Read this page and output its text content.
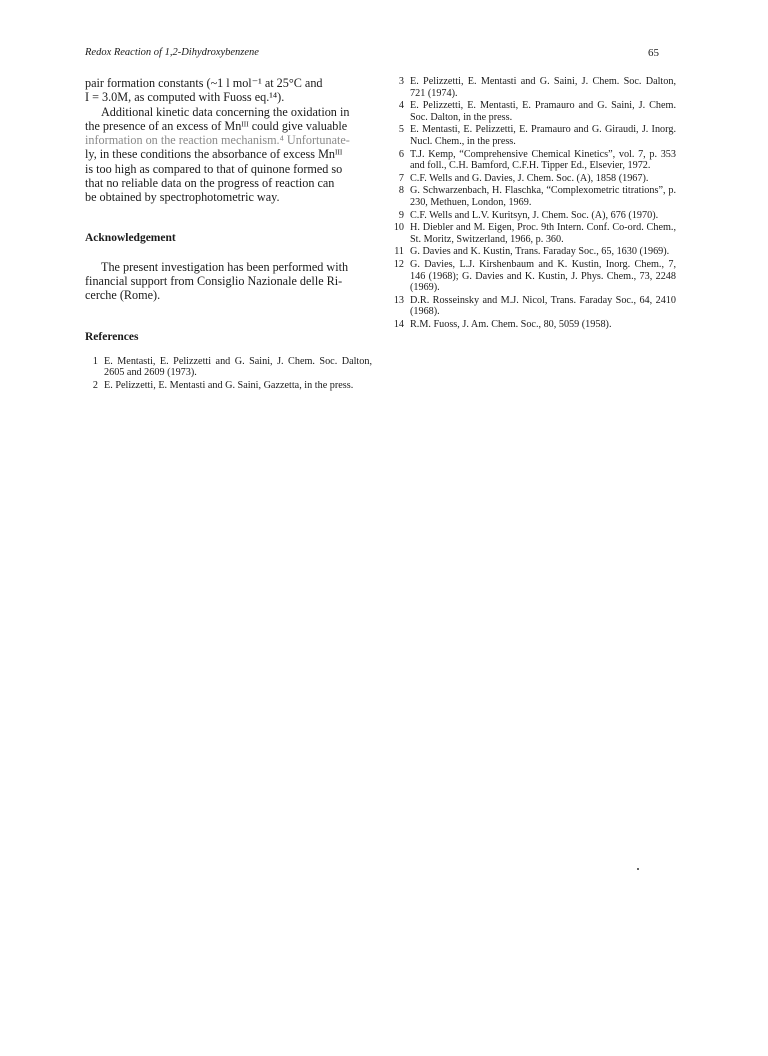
Redox Reaction of 1,2-Dihydroxybenzene	65

pair formation constants (~1 l mol⁻¹ at 25°C and
I = 3.0M, as computed with Fuoss eq.¹⁴).

Additional kinetic data concerning the oxidation in
the presence of an excess of Mnᴵᴵᴵ could give valuable
information on the reaction mechanism.⁴ Unfortunate-
ly, in these conditions the absorbance of excess Mnᴵᴵᴵ
is too high as compared to that of quinone formed so
that no reliable data on the progress of reaction can
be obtained by spectrophotometric way.

Acknowledgement

The present investigation has been performed with
financial support from Consiglio Nazionale delle Ri-
cerche (Rome).

References
1 E. Mentasti, E. Pelizzetti and G. Saini, J. Chem. Soc. Dalton, 2605 and 2609 (1973).
2 E. Pelizzetti, E. Mentasti and G. Saini, Gazzetta, in the press.
3 E. Pelizzetti, E. Mentasti and G. Saini, J. Chem. Soc. Dalton, 721 (1974).
4 E. Pelizzetti, E. Mentasti, E. Pramauro and G. Saini, J. Chem. Soc. Dalton, in the press.
5 E. Mentasti, E. Pelizzetti, E. Pramauro and G. Giraudi, J. Inorg. Nucl. Chem., in the press.
6 T.J. Kemp, “Comprehensive Chemical Kinetics”, vol. 7, p. 353 and foll., C.H. Bamford, C.F.H. Tipper Ed., Elsevier, 1972.
7 C.F. Wells and G. Davies, J. Chem. Soc. (A), 1858 (1967).
8 G. Schwarzenbach, H. Flaschka, “Complexometric titrations”, p. 230, Methuen, London, 1969.
9 C.F. Wells and L.V. Kuritsyn, J. Chem. Soc. (A), 676 (1970).
10 H. Diebler and M. Eigen, Proc. 9th Intern. Conf. Co-ord. Chem., St. Moritz, Switzerland, 1966, p. 360.
11 G. Davies and K. Kustin, Trans. Faraday Soc., 65, 1630 (1969).
12 G. Davies, L.J. Kirshenbaum and K. Kustin, Inorg. Chem., 7, 146 (1968); G. Davies and K. Kustin, J. Phys. Chem., 73, 2248 (1969).
13 D.R. Rosseinsky and M.J. Nicol, Trans. Faraday Soc., 64, 2410 (1968).
14 R.M. Fuoss, J. Am. Chem. Soc., 80, 5059 (1958).
